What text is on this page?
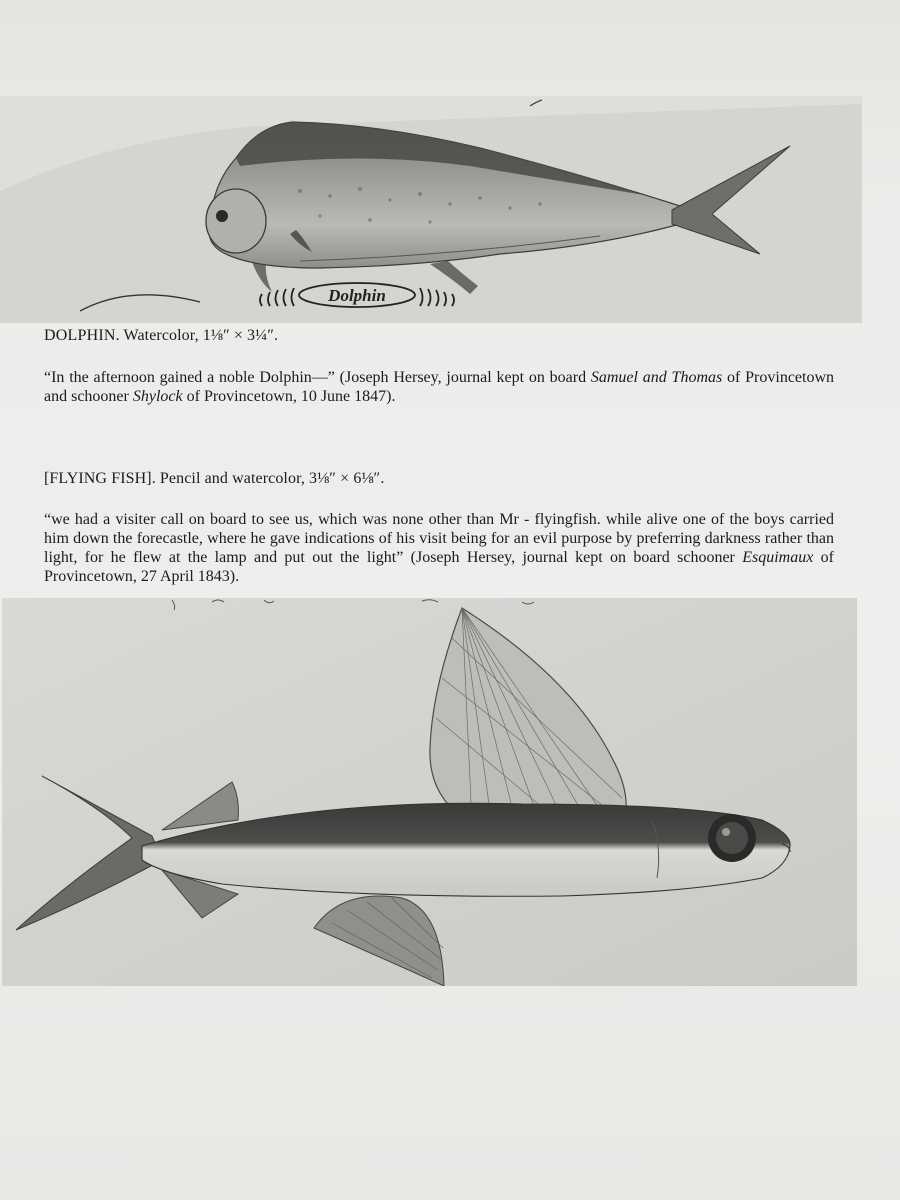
Dolphin
DOLPHIN. Watercolor, 1⅛″ × 3¼″.
“In the afternoon gained a noble Dolphin—” (Joseph Hersey, journal kept on board Samuel and Thomas of Provincetown and schooner Shylock of Provincetown, 10 June 1847).
[FLYING FISH]. Pencil and watercolor, 3⅛″ × 6⅛″.
“we had a visiter call on board to see us, which was none other than Mr - flyingfish. while alive one of the boys carried him down the forecastle, where he gave indications of his visit being for an evil purpose by preferring darkness rather than light, for he flew at the lamp and put out the light” (Joseph Hersey, journal kept on board schooner Esquimaux of Provincetown, 27 April 1843).
